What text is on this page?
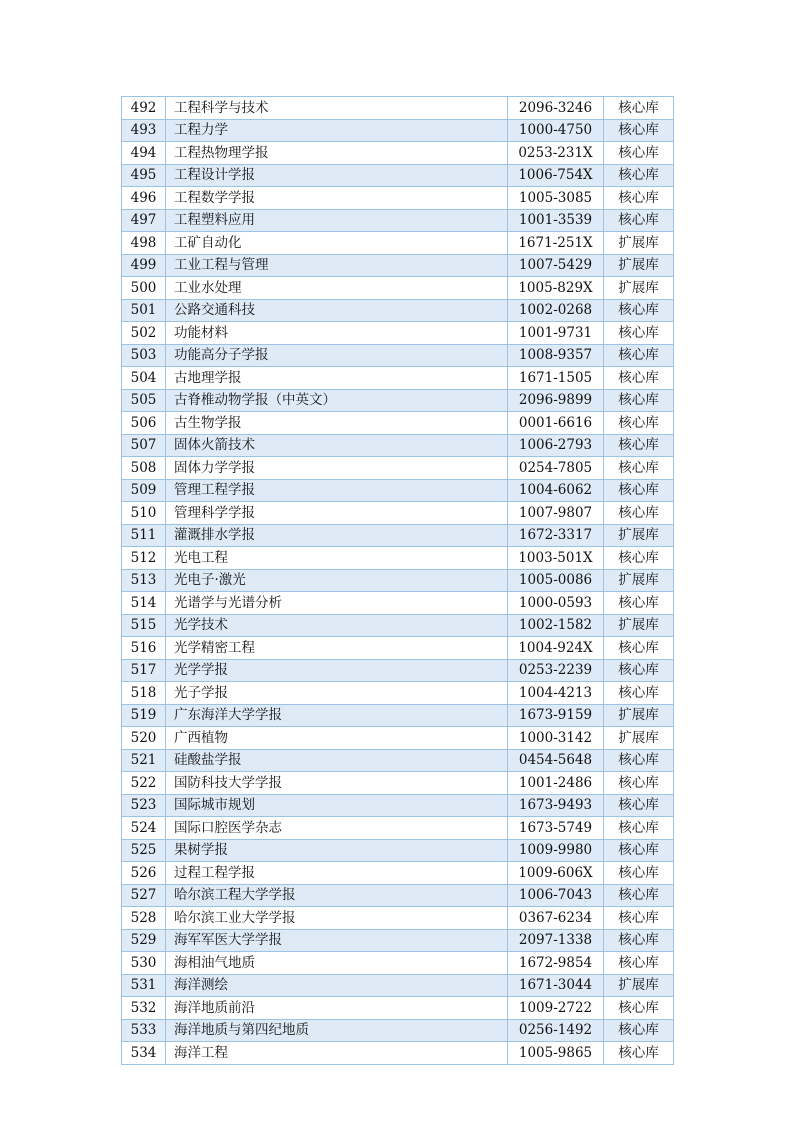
492	工程科学与技术	2096-3246	核心库
493	工程力学	1000-4750	核心库
494	工程热物理学报	0253-231X	核心库
495	工程设计学报	1006-754X	核心库
496	工程数学学报	1005-3085	核心库
497	工程塑料应用	1001-3539	核心库
498	工矿自动化	1671-251X	扩展库
499	工业工程与管理	1007-5429	扩展库
500	工业水处理	1005-829X	扩展库
501	公路交通科技	1002-0268	核心库
502	功能材料	1001-9731	核心库
503	功能高分子学报	1008-9357	核心库
504	古地理学报	1671-1505	核心库
505	古脊椎动物学报（中英文）	2096-9899	核心库
506	古生物学报	0001-6616	核心库
507	固体火箭技术	1006-2793	核心库
508	固体力学学报	0254-7805	核心库
509	管理工程学报	1004-6062	核心库
510	管理科学学报	1007-9807	核心库
511	灌溉排水学报	1672-3317	扩展库
512	光电工程	1003-501X	核心库
513	光电子·激光	1005-0086	扩展库
514	光谱学与光谱分析	1000-0593	核心库
515	光学技术	1002-1582	扩展库
516	光学精密工程	1004-924X	核心库
517	光学学报	0253-2239	核心库
518	光子学报	1004-4213	核心库
519	广东海洋大学学报	1673-9159	扩展库
520	广西植物	1000-3142	扩展库
521	硅酸盐学报	0454-5648	核心库
522	国防科技大学学报	1001-2486	核心库
523	国际城市规划	1673-9493	核心库
524	国际口腔医学杂志	1673-5749	核心库
525	果树学报	1009-9980	核心库
526	过程工程学报	1009-606X	核心库
527	哈尔滨工程大学学报	1006-7043	核心库
528	哈尔滨工业大学学报	0367-6234	核心库
529	海军军医大学学报	2097-1338	核心库
530	海相油气地质	1672-9854	核心库
531	海洋测绘	1671-3044	扩展库
532	海洋地质前沿	1009-2722	核心库
533	海洋地质与第四纪地质	0256-1492	核心库
534	海洋工程	1005-9865	核心库
